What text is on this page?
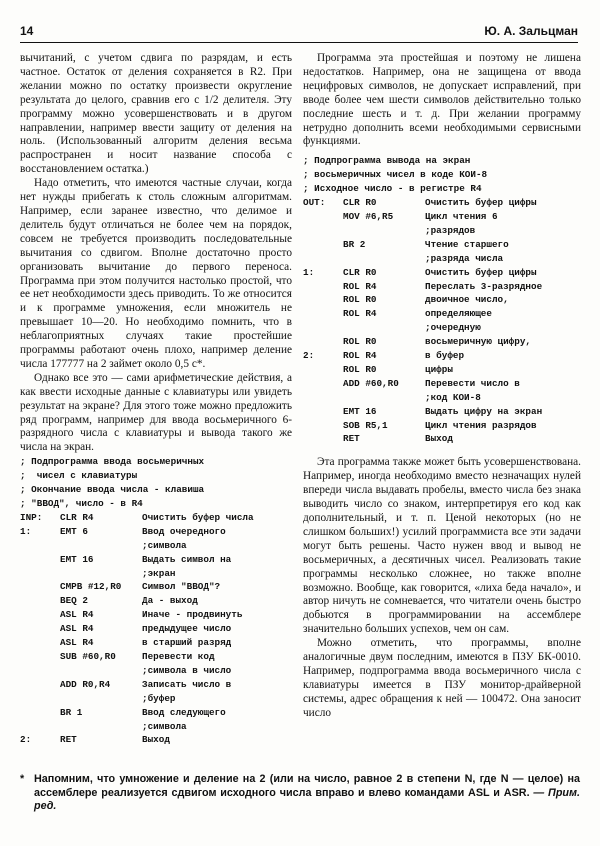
14	Ю. А. Зальцман

вычитаний, с учетом сдвига по разрядам, и есть частное. Остаток от деления сохраняется в R2. При желании можно по остатку произвести округление результата до целого, сравнив его с 1/2 делителя. Эту программу можно усовершенствовать и в другом направлении, например ввести защиту от деления на ноль. (Использованный алгоритм деления весьма распространен и носит название способа с восстановлением остатка.)

Надо отметить, что имеются частные случаи, когда нет нужды прибегать к столь сложным алгоритмам. Например, если заранее известно, что делимое и делитель будут отличаться не более чем на порядок, совсем не требуется производить последовательные вычитания со сдвигом. Вполне достаточно просто организовать вычитание до первого переноса. Программа при этом получится настолько простой, что ее нет необходимости здесь приводить. То же относится и к программе умножения, если множитель не превышает 10—20. Но необходимо помнить, что в неблагоприятных случаях такие простейшие программы работают очень плохо, например деление числа 177777 на 2 займет около 0,5 с*.

Однако все это — сами арифметические действия, а как ввести исходные данные с клавиатуры или увидеть результат на экране? Для этого тоже можно предложить ряд программ, например для ввода восьмеричного 6-разрядного числа с клавиатуры и вывода такого же числа на экран.

; Подпрограмма ввода восьмеричных
;  чисел с клавиатуры
; Окончание ввода числа - клавиша
; "ВВОД", число - в R4
INP:	CLR R4	Очистить буфер числа
1:	EMT 6	Ввод очередного
;символа
EMT 16	Выдать символ на
;экран
CMPB #12,R0	Символ "ВВОД"?
BEQ 2	Да - выход
ASL R4	Иначе - продвинуть
ASL R4	предыдущее число
ASL R4	в старший разряд
SUB #60,R0	Перевести код
;символа в число
ADD R0,R4	Записать число в
;буфер
BR 1	Ввод следующего
;символа
2:	RET	Выход

Программа эта простейшая и поэтому не лишена недостатков. Например, она не защищена от ввода нецифровых символов, не допускает исправлений, при вводе более чем шести символов действительно только последние шесть и т. д. При желании программу нетрудно дополнить всеми необходимыми сервисными функциями.

; Подпрограмма вывода на экран
; восьмеричных чисел в коде КОИ-8
; Исходное число - в регистре R4
OUT:	CLR R0	Очистить буфер цифры
MOV #6,R5	Цикл чтения 6
;разрядов
BR 2	Чтение старшего
;разряда числа
1:	CLR R0	Очистить буфер цифры
ROL R4	Переслать 3-разрядное
ROL R0	двоичное число,
ROL R4	определяющее
;очередную
ROL R0	восьмеричную цифру,
2:	ROL R4	в буфер
ROL R0	цифры
ADD #60,R0	Перевести число в
;код КОИ-8
EMT 16	Выдать цифру на экран
SOB R5,1	Цикл чтения разрядов
RET	Выход

Эта программа также может быть усовершенствована. Например, иногда необходимо вместо незначащих нулей впереди числа выдавать пробелы, вместо числа без знака выводить число со знаком, интерпретируя его код как дополнительный, и т. п. Ценой некоторых (но не слишком больших!) усилий программиста все эти задачи могут быть решены. Часто нужен ввод и вывод не восьмеричных, а десятичных чисел. Реализовать такие программы несколько сложнее, но также вполне возможно. Вообще, как говорится, «лиха беда начало», и автор ничуть не сомневается, что читатели очень быстро добьются в программировании на ассемблере значительно больших успехов, чем он сам.

Можно отметить, что программы, вполне аналогичные двум последним, имеются в ПЗУ БК-0010. Например, подпрограмма ввода восьмеричного числа с клавиатуры имеется в ПЗУ монитор-драйверной системы, адрес обращения к ней — 100472. Она заносит число

* Напомним, что умножение и деление на 2 (или на число, равное 2 в степени N, где N — целое) на ассемблере реализуется сдвигом исходного числа вправо и влево командами ASL и ASR. — Прим. ред.
